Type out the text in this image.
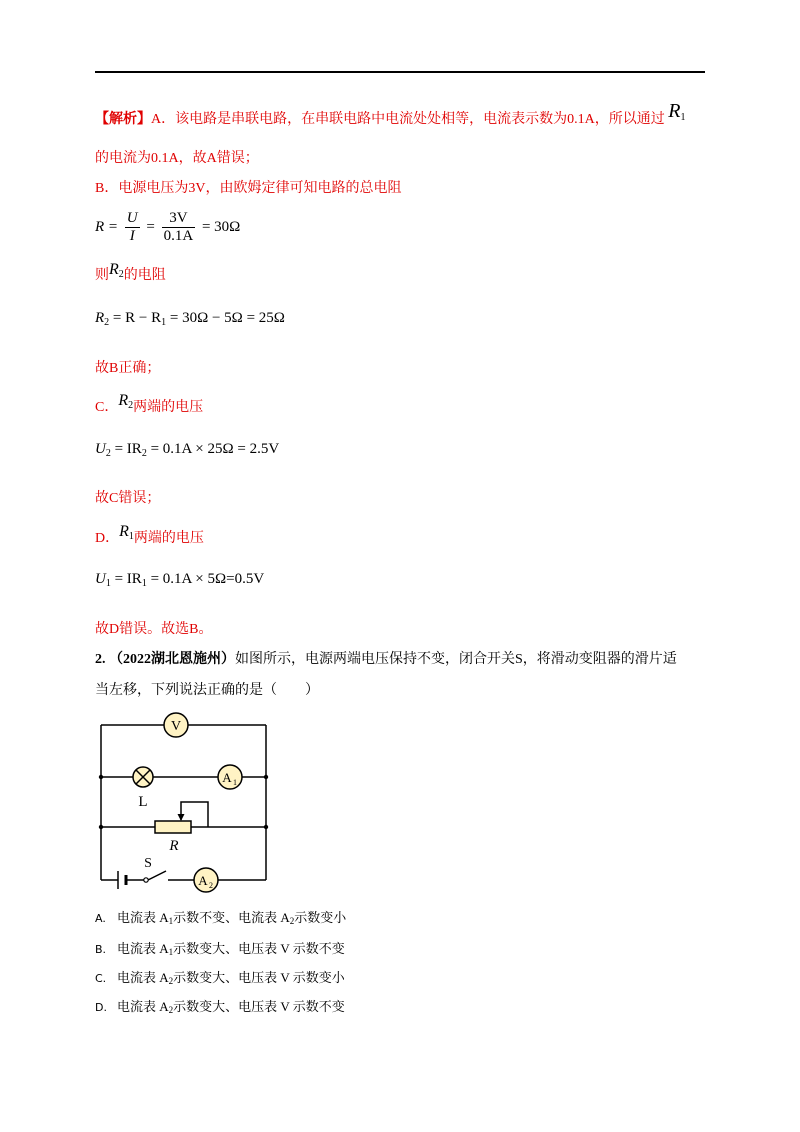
【解析】A．该电路是串联电路，在串联电路中电流处处相等，电流表示数为0.1A，所以通过 $R_1$
的电流为0.1A，故A错误；
B．电源电压为3V，由欧姆定律可知电路的总电阻
$R = \frac{U}{I} = \frac{3V}{0.1A} = 30\Omega$
则$R_2$的电阻
$R_2 = R - R_1 = 30\Omega - 5\Omega = 25\Omega$
故B正确；
C．$R_2$两端的电压
$U_2 = IR_2 = 0.1A \times 25\Omega = 2.5V$
故C错误；
D．$R_1$两端的电压
$U_1 = IR_1 = 0.1A \times 5\Omega=0.5V$
故D错误。故选B。
2. （2022湖北恩施州）如图所示，电源两端电压保持不变，闭合开关S，将滑动变阻器的滑片适
当左移，下列说法正确的是（　　）
V
L
A 1
R
S
A 2
A. 电流表 $A_1$示数不变、电流表 $A_2$示数变小
B. 电流表 $A_1$示数变大、电压表 V 示数不变
C. 电流表 $A_2$示数变大、电压表 V 示数变小
D. 电流表 $A_2$示数变大、电压表 V 示数不变
